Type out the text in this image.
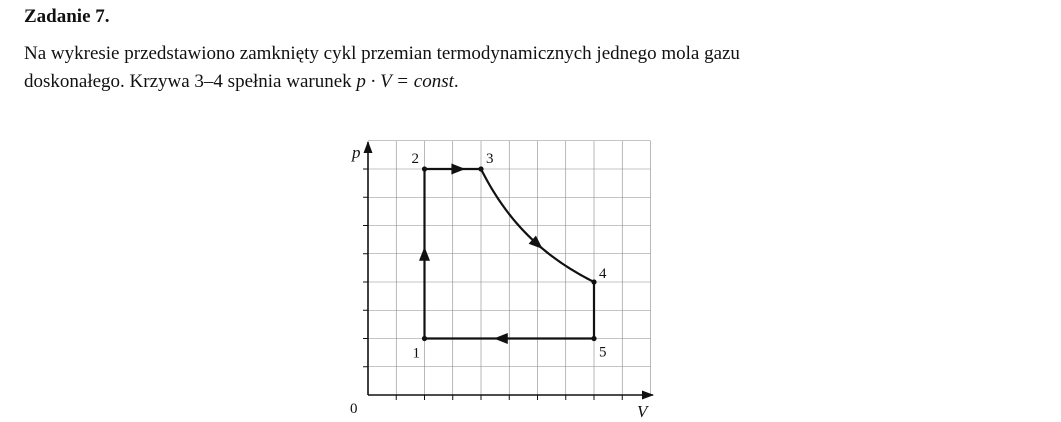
Zadanie 7.
Na wykresie przedstawiono zamknięty cykl przemian termodynamicznych jednego mola gazu
doskonałego. Krzywa 3–4 spełnia warunek p · V = const.
p
V
0
1
2	3
4
5
